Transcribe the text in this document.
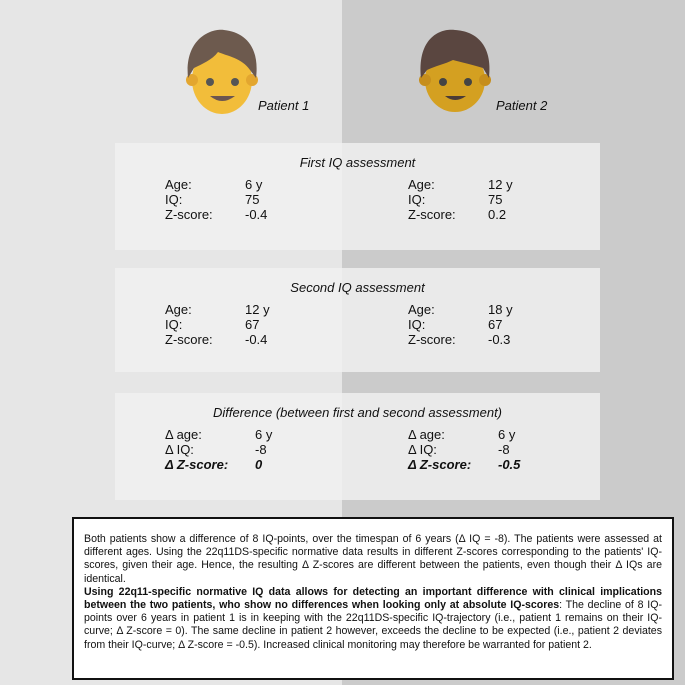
Patient 1	Patient 2
First IQ assessment
Age:	6 y
IQ:	75
Z-score:	-0.4
Age:	12 y
IQ:	75
Z-score:	0.2
Second IQ assessment
Age:	12 y
IQ:	67
Z-score:	-0.4
Age:	18 y
IQ:	67
Z-score:	-0.3
Difference (between first and second assessment)
Δ age:	6 y
Δ IQ:	-8
Δ Z-score:	0
Δ age:	6 y
Δ IQ:	-8
Δ Z-score:	-0.5

Both patients show a difference of 8 IQ-points, over the timespan of 6 years (Δ IQ = -8). The patients were assessed at different ages. Using the 22q11DS-specific normative data results in different Z-scores corresponding to the patients' IQ-scores, given their age. Hence, the resulting Δ Z-scores are different between the patients, even though their Δ IQs are identical.

Using 22q11-specific normative IQ data allows for detecting an important difference with clinical implications between the two patients, who show no differences when looking only at absolute IQ-scores: The decline of 8 IQ-points over 6 years in patient 1 is in keeping with the 22q11DS-specific IQ-trajectory (i.e., patient 1 remains on their IQ-curve; Δ Z-score = 0). The same decline in patient 2 however, exceeds the decline to be expected (i.e., patient 2 deviates from their IQ-curve; Δ Z-score = -0.5). Increased clinical monitoring may therefore be warranted for patient 2.
